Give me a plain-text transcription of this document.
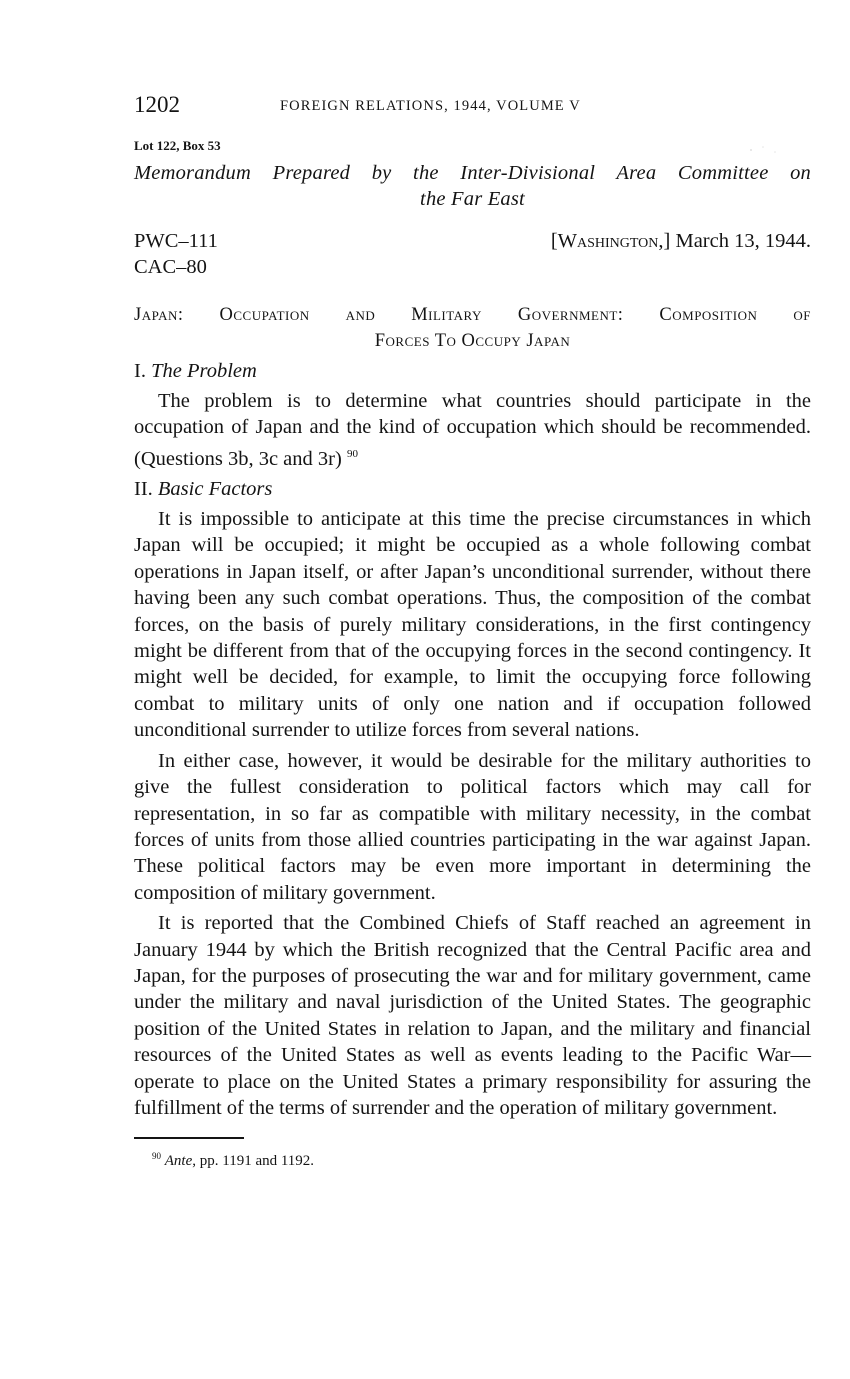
1202	FOREIGN RELATIONS, 1944, VOLUME V
Lot 122, Box 53
Memorandum Prepared by the Inter-Divisional Area Committee on
the Far East
PWC–111
CAC–80
[Washington,] March 13, 1944.
Japan: Occupation and Military Government: Composition of
Forces To Occupy Japan
I. The Problem

The problem is to determine what countries should participate in the occupation of Japan and the kind of occupation which should be recommended. (Questions 3b, 3c and 3r) $^{90}$

II. Basic Factors

It is impossible to anticipate at this time the precise circumstances in which Japan will be occupied; it might be occupied as a whole following combat operations in Japan itself, or after Japan’s unconditional surrender, without there having been any such combat operations. Thus, the composition of the combat forces, on the basis of purely military considerations, in the first contingency might be different from that of the occupying forces in the second contingency. It might well be decided, for example, to limit the occupying force following combat to military units of only one nation and if occupation followed unconditional surrender to utilize forces from several nations.

In either case, however, it would be desirable for the military authorities to give the fullest consideration to political factors which may call for representation, in so far as compatible with military necessity, in the combat forces of units from those allied countries participating in the war against Japan. These political factors may be even more important in determining the composition of military government.

It is reported that the Combined Chiefs of Staff reached an agreement in January 1944 by which the British recognized that the Central Pacific area and Japan, for the purposes of prosecuting the war and for military government, came under the military and naval jurisdiction of the United States. The geographic position of the United States in relation to Japan, and the military and financial resources of the United States as well as events leading to the Pacific War—operate to place on the United States a primary responsibility for assuring the fulfillment of the terms of surrender and the operation of military government.

$^{90}$ Ante, pp. 1191 and 1192.
